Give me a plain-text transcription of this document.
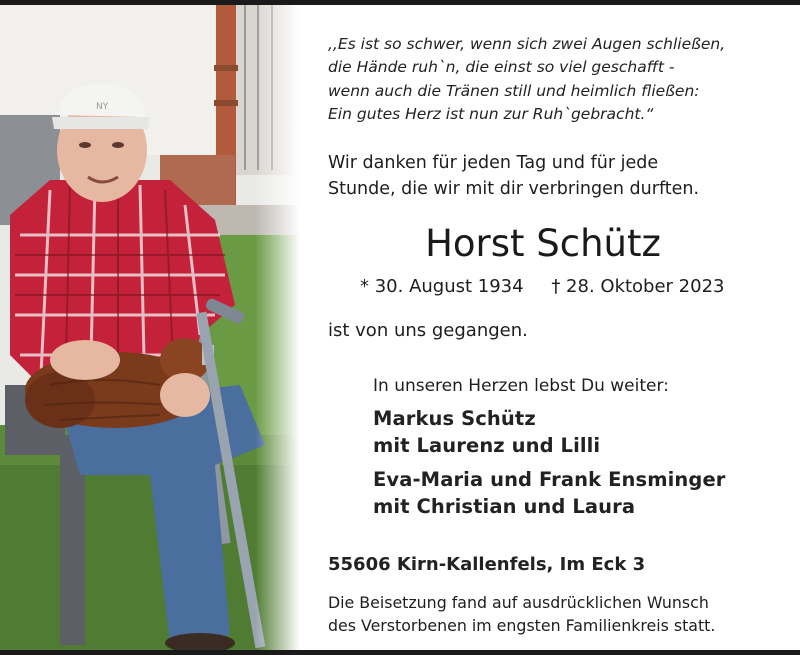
NY
,,Es ist so schwer, wenn sich zwei Augen schließen,
die Hände ruh`n, die einst so viel geschafft -
wenn auch die Tränen still und heimlich fließen:
Ein gutes Herz ist nun zur Ruh`gebracht.“
Wir danken für jeden Tag und für jede
Stunde, die wir mit dir verbringen durften.
Horst Schütz
* 30. August 1934 † 28. Oktober 2023
ist von uns gegangen.
In unseren Herzen lebst Du weiter:
Markus Schütz
mit Laurenz und Lilli
Eva-Maria und Frank Ensminger
mit Christian und Laura
55606 Kirn-Kallenfels, Im Eck 3
Die Beisetzung fand auf ausdrücklichen Wunsch
des Verstorbenen im engsten Familienkreis statt.
